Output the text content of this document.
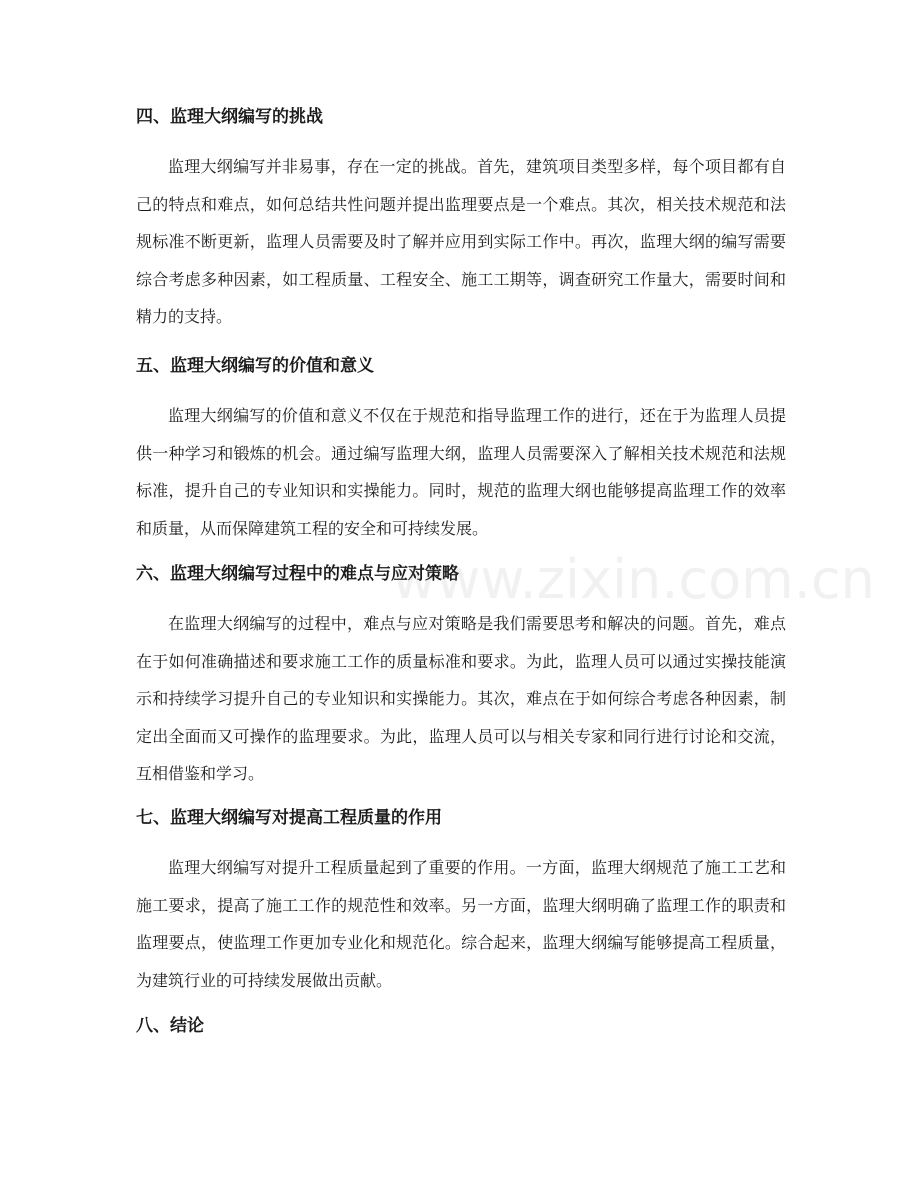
四、监理大纲编写的挑战

监理大纲编写并非易事，存在一定的挑战。首先，建筑项目类型多样，每个项目都有自己的特点和难点，如何总结共性问题并提出监理要点是一个难点。其次，相关技术规范和法规标准不断更新，监理人员需要及时了解并应用到实际工作中。再次，监理大纲的编写需要综合考虑多种因素，如工程质量、工程安全、施工工期等，调查研究工作量大，需要时间和精力的支持。

五、监理大纲编写的价值和意义

监理大纲编写的价值和意义不仅在于规范和指导监理工作的进行，还在于为监理人员提供一种学习和锻炼的机会。通过编写监理大纲，监理人员需要深入了解相关技术规范和法规标准，提升自己的专业知识和实操能力。同时，规范的监理大纲也能够提高监理工作的效率和质量，从而保障建筑工程的安全和可持续发展。

六、监理大纲编写过程中的难点与应对策略

在监理大纲编写的过程中，难点与应对策略是我们需要思考和解决的问题。首先，难点在于如何准确描述和要求施工工作的质量标准和要求。为此，监理人员可以通过实操技能演示和持续学习提升自己的专业知识和实操能力。其次，难点在于如何综合考虑各种因素，制定出全面而又可操作的监理要求。为此，监理人员可以与相关专家和同行进行讨论和交流，互相借鉴和学习。

七、监理大纲编写对提高工程质量的作用

监理大纲编写对提升工程质量起到了重要的作用。一方面，监理大纲规范了施工工艺和施工要求，提高了施工工作的规范性和效率。另一方面，监理大纲明确了监理工作的职责和监理要点，使监理工作更加专业化和规范化。综合起来，监理大纲编写能够提高工程质量，为建筑行业的可持续发展做出贡献。

八、结论
www.zixin.com.cn
